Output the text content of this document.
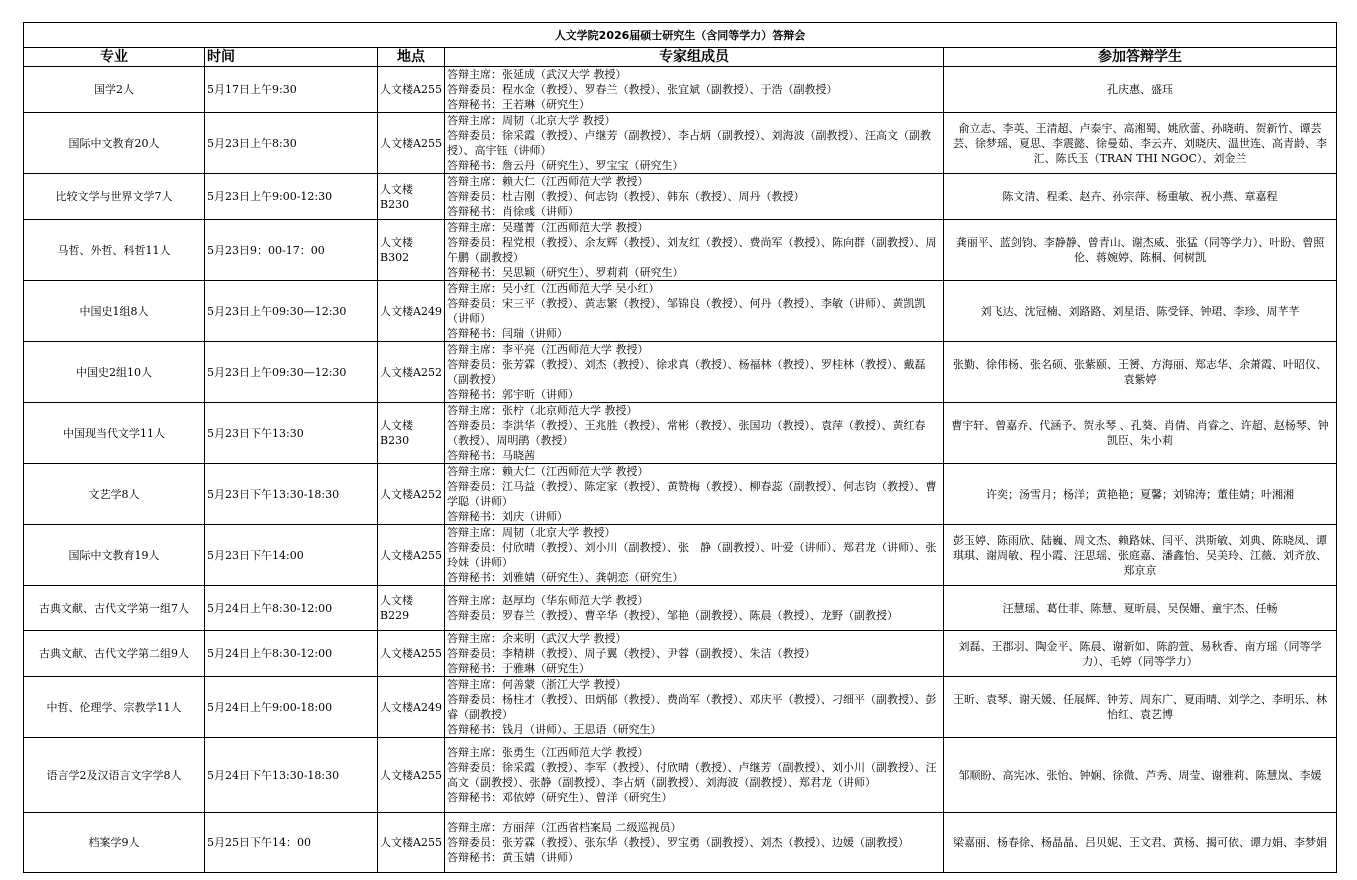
人文学院2026届硕士研究生（含同等学力）答辩会				
专业	时间	地点	专家组成员	参加答辩学生
国学2人	5月17日上午9:30	人文楼A255	答辩主席：张延成（武汉大学 教授）
答辩委员：程水金（教授）、罗春兰（教授）、张宜斌（副教授）、于浩（副教授）
答辩秘书：王若琳（研究生）	孔庆惠、盛珏
国际中文教育20人	5月23日上午8:30	人文楼A255	答辩主席：周韧（北京大学 教授）
答辩委员：徐采霞（教授）、卢继芳（副教授）、李占炳（副教授）、刘海波（副教授）、汪高文（副教授）、高宇钰（讲师）
答辩秘书：詹云丹（研究生）、罗宝宝（研究生）	俞立志、李英、王清超、卢泰宇、高湘蜀、姚欣蕾、孙晓萌、贺新竹、谭芸芸、徐梦瑶、夏思、李震懿、徐曼茹、李云卉、刘晓庆、温世连、高青龄、李汇、陈氏玉（TRAN THI NGOC）、刘金兰
比较文学与世界文学7人	5月23日上午9:00-12:30	人文楼B230	答辩主席：赖大仁（江西师范大学 教授）
答辩委员：杜吉刚（教授）、何志钧（教授）、韩东（教授）、周丹（教授）
答辩秘书：肖徐彧（讲师）	陈文清、程柔、赵卉、孙宗萍、杨重敏、祝小燕、章嘉程
马哲、外哲、科哲11人	5月23日9：00-17：00	人文楼B302	答辩主席：吴瑾菁（江西师范大学 教授）
答辩委员：程党根（教授）、余友辉（教授）、刘友红（教授）、费尚军（教授）、陈向群（副教授）、周午鹏（副教授）
答辩秘书：吴思颖（研究生）、罗莉莉（研究生）	龚丽平、蓝剑钧、李静静、曾青山、谢杰威、张猛（同等学力）、叶盼、曾照伦、蒋婉婷、陈桐、何树凯
中国史1组8人	5月23日上午09:30—12:30	人文楼A249	答辩主席：吴小红（江西师范大学 吴小红）
答辩委员：宋三平（教授）、黄志繁（教授）、邹锦良（教授）、何丹（教授）、李敏（讲师）、黄凯凯（讲师）
答辩秘书：闫瑞（讲师）	刘飞达、沈冠楠、刘路路、刘星语、陈受铎、钟珺、李珍、周芊芊
中国史2组10人	5月23日上午09:30—12:30	人文楼A252	答辩主席：李平亮（江西师范大学 教授）
答辩委员：张芳霖（教授）、刘杰（教授）、徐求真（教授）、杨福林（教授）、罗桂林（教授）、戴磊（副教授）
答辩秘书：郭宇昕（讲师）	张勤、徐伟杨、张名硕、张紫颐、王赟、方海丽、郑志华、余萧霞、叶昭仪、袁紫婷
中国现当代文学11人	5月23日下午13:30	人文楼B230	答辩主席：张柠（北京师范大学 教授）
答辩委员：李洪华（教授）、王兆胜（教授）、常彬（教授）、张国功（教授）、袁萍（教授）、黄红春（教授）、周明鹃（教授）
答辩秘书：马晓茜	曹宇轩、曾嘉乔、代涵予、贺永琴 、孔葵、肖倩、肖睿之、许超、赵杨琴、钟凯臣、朱小莉
文艺学8人	5月23日下午13:30-18:30	人文楼A252	答辩主席：赖大仁（江西师范大学 教授）
答辩委员：江马益（教授）、陈定家（教授）、黄赞梅（教授）、柳春蕊（副教授）、何志钧（教授）、曹学聪（讲师）
答辩秘书：刘庆（讲师）	许奕；汤雪月；杨洋；黄艳艳；夏馨；刘锦涛；董佳婧；叶湘湘
国际中文教育19人	5月23日下午14:00	人文楼A255	答辩主席：周韧（北京大学 教授）
答辩委员：付欣晴（教授）、刘小川（副教授）、张　静（副教授）、叶爱（讲师）、郑君龙（讲师）、张玲妹（讲师）
答辩秘书：刘雅婧（研究生）、龚朝恋（研究生）	彭玉婷、陈雨欣、陆巍、周文杰、赖路妹、闫平、洪斯敏、刘典、陈晓凤、谭琪琪、谢周敏、程小霞、汪思瑶、张庭嘉、潘鑫怡、吴美玲、江薇、刘齐放、郑京京
古典文献、古代文学第一组7人	5月24日上午8:30-12:00	人文楼B229	答辩主席：赵厚均（华东师范大学 教授）
答辩委员：罗春兰（教授）、曹辛华（教授）、邹艳（副教授）、陈晨（教授）、龙野（副教授）	汪慧瑶、葛仕菲、陈慧、夏昕晨、吴俣姗、童宇杰、任畅
古典文献、古代文学第二组9人	5月24日上午8:30-12:00	人文楼A255	答辩主席：余来明（武汉大学 教授）
答辩委员：李精耕（教授）、周子翼（教授）、尹蓉（副教授）、朱洁（教授）
答辩秘书：于雅琳（研究生）	刘磊、王郡羽、陶金平、陈晨、谢新如、陈韵萱、易秋香、南方瑶（同等学力）、毛婷（同等学力）
中哲、伦理学、宗教学11人	5月24日上午9:00-18:00	人文楼A249	答辩主席：何善蒙（浙江大学 教授）
答辩委员：杨柱才（教授）、田炳郁（教授）、费尚军（教授）、邓庆平（教授）、刁细平（副教授）、彭睿（副教授）
答辩秘书：钱月（讲师）、王思语（研究生）	王昕、袁琴、谢天媛、任展辉、钟芳、周东广、夏雨晴、刘学之、李明乐、林怡红、袁艺博
语言学2及汉语言文字学8人	5月24日下午13:30-18:30	人文楼A255	答辩主席：张勇生（江西师范大学 教授）
答辩委员：徐采霞（教授）、李军（教授）、付欣晴（教授）、卢继芳（副教授）、刘小川（副教授）、汪高文（副教授）、张静（副教授）、李占炳（副教授）、刘海波（副教授）、郑君龙（讲师）
答辩秘书：邓依婷（研究生）、曾洋（研究生）	邹顺盼、高宪冰、张怡、钟娴、徐微、芦秀、周莹、谢雅莉、陈慧岚、李媛
档案学9人	5月25日下午14：00	人文楼A255	答辩主席：方丽萍（江西省档案局 二级巡视员）
答辩委员：张芳霖（教授）、张东华（教授）、罗宝勇（副教授）、刘杰（教授）、边媛（副教授）
答辩秘书：黄玉婧（讲师）	梁嘉丽、杨春徐、杨晶晶、吕贝妮、王文君、黄杨、揭可依、谭力娟、李梦娟
